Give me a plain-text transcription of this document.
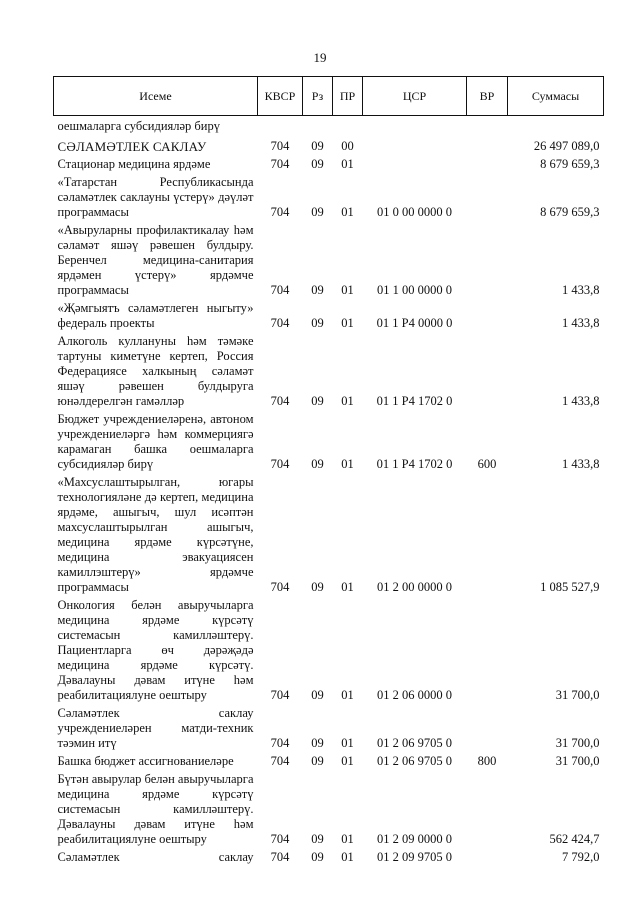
19
Исеме	КВСР	Рз	ПР	ЦСР	ВР	Суммасы
оешмаларга субсидияләр бирү						
СӘЛАМӘТЛЕК САКЛАУ	704	09	00			26 497 089,0
Стационар медицина ярдәме	704	09	01			8 679 659,3
«Татарстан Республикасында сәламәтлек саклауны үстерү» дәүләт программасы	704	09	01	01 0 00 0000 0		8 679 659,3
«Авыруларны профилактикалау һәм сәламәт яшәү рәвешен булдыру. Беренчел медицина-санитария ярдәмен үстерү» ярдәмче программасы	704	09	01	01 1 00 0000 0		1 433,8
«Җәмгыятъ сәламәтлеген ныгыту» федераль проекты	704	09	01	01 1 P4 0000 0		1 433,8
Алкоголь куллануны һәм тәмәке тартуны киметүне кертеп, Россия Федерациясе халкының сәламәт яшәү рәвешен булдыруга юнәлдерелгән гамәлләр	704	09	01	01 1 P4 1702 0		1 433,8
Бюджет учреждениеләренә, автоном учреждениеләргә һәм коммерциягә карамаган башка оешмаларга субсидияләр бирү	704	09	01	01 1 P4 1702 0	600	1 433,8
«Махсуслаштырылган, югары технологияләне дә кертеп, медицина ярдәме, ашыгыч, шул исәптән махсуслаштырылган ашыгыч, медицина ярдәме күрсәтүне, медицина эвакуациясен камиллэштерү» ярдәмче программасы	704	09	01	01 2 00 0000 0		1 085 527,9
Онкология белән авыручыларга медицина ярдәме күрсәтү системасын камилләштерү. Пациентларга өч дәрәҗәдә медицина ярдәме күрсәтү. Дәвалауны дәвам итүне һәм реабилитациялуне оештыру	704	09	01	01 2 06 0000 0		31 700,0
Сәламәтлек саклау учреждениеләрен матди-техник тәэмин итү	704	09	01	01 2 06 9705 0		31 700,0
Башка бюджет ассигнованиеләре	704	09	01	01 2 06 9705 0	800	31 700,0
Бүтән авырулар белән авыручыларга медицина ярдәме күрсәтү системасын камилләштерү. Дәвалауны дәвам итүне һәм реабилитациялуне оештыру	704	09	01	01 2 09 0000 0		562 424,7
Сәламәтлек саклау	704	09	01	01 2 09 9705 0		7 792,0
